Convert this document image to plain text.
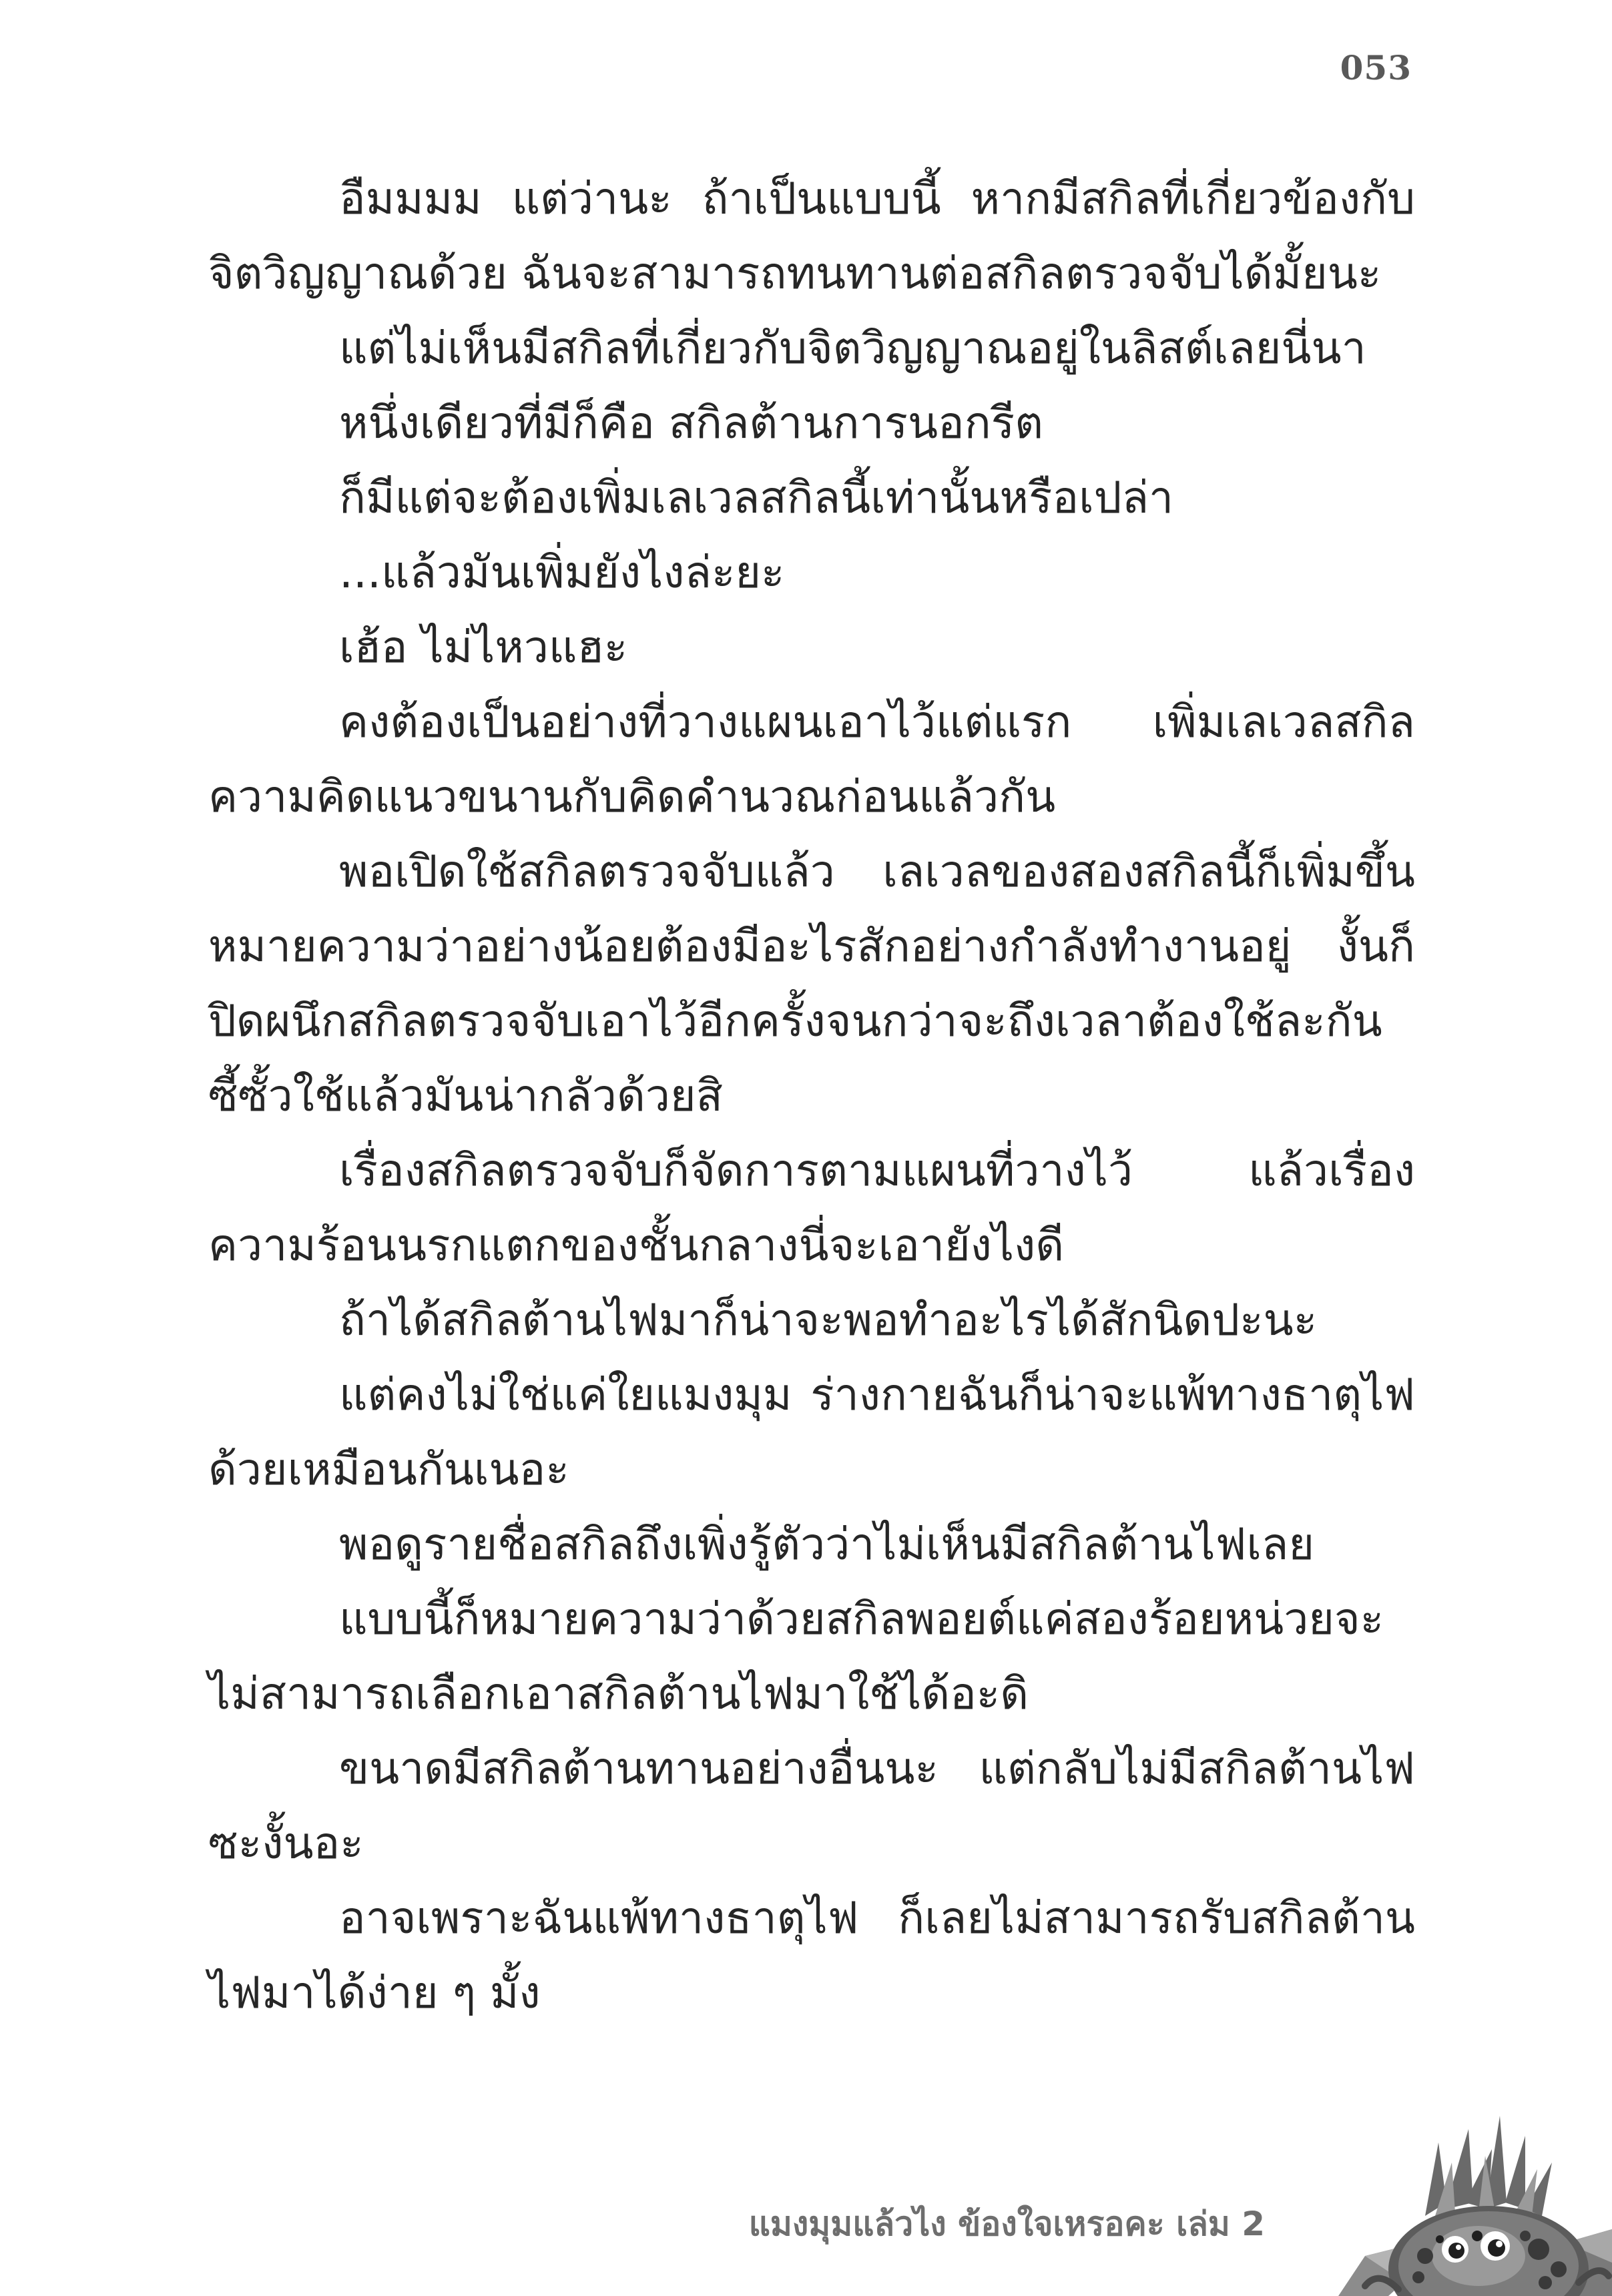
053

อืมมมม แต่ว่านะ ถ้าเป็นแบบนี้ หากมีสกิลที่เกี่ยวข้องกับจิตวิญญาณด้วย ฉันจะสามารถทนทานต่อสกิลตรวจจับได้มั้ยนะ

แต่ไม่เห็นมีสกิลที่เกี่ยวกับจิตวิญญาณอยู่ในลิสต์เลยนี่นา

หนึ่งเดียวที่มีก็คือ สกิลต้านการนอกรีต

ก็มีแต่จะต้องเพิ่มเลเวลสกิลนี้เท่านั้นหรือเปล่า

...แล้วมันเพิ่มยังไงล่ะยะ

เฮ้อ ไม่ไหวแฮะ

คงต้องเป็นอย่างที่วางแผนเอาไว้แต่แรก เพิ่มเลเวลสกิลความคิดแนวขนานกับคิดคำนวณก่อนแล้วกัน

พอเปิดใช้สกิลตรวจจับแล้ว เลเวลของสองสกิลนี้ก็เพิ่มขึ้นหมายความว่าอย่างน้อยต้องมีอะไรสักอย่างกำลังทำงานอยู่ งั้นก็ปิดผนึกสกิลตรวจจับเอาไว้อีกครั้งจนกว่าจะถึงเวลาต้องใช้ละกัน ซี้ซั้วใช้แล้วมันน่ากลัวด้วยสิ

เรื่องสกิลตรวจจับก็จัดการตามแผนที่วางไว้ แล้วเรื่องความร้อนนรกแตกของชั้นกลางนี่จะเอายังไงดี

ถ้าได้สกิลต้านไฟมาก็น่าจะพอทำอะไรได้สักนิดปะนะ

แต่คงไม่ใช่แค่ใยแมงมุม ร่างกายฉันก็น่าจะแพ้ทางธาตุไฟด้วยเหมือนกันเนอะ

พอดูรายชื่อสกิลถึงเพิ่งรู้ตัวว่าไม่เห็นมีสกิลต้านไฟเลย

แบบนี้ก็หมายความว่าด้วยสกิลพอยต์แค่สองร้อยหน่วยจะไม่สามารถเลือกเอาสกิลต้านไฟมาใช้ได้อะดิ

ขนาดมีสกิลต้านทานอย่างอื่นนะ แต่กลับไม่มีสกิลต้านไฟซะงั้นอะ

อาจเพราะฉันแพ้ทางธาตุไฟ ก็เลยไม่สามารถรับสกิลต้านไฟมาได้ง่าย ๆ มั้ง

แมงมุมแล้วไง ข้องใจเหรอคะ เล่ม 2
